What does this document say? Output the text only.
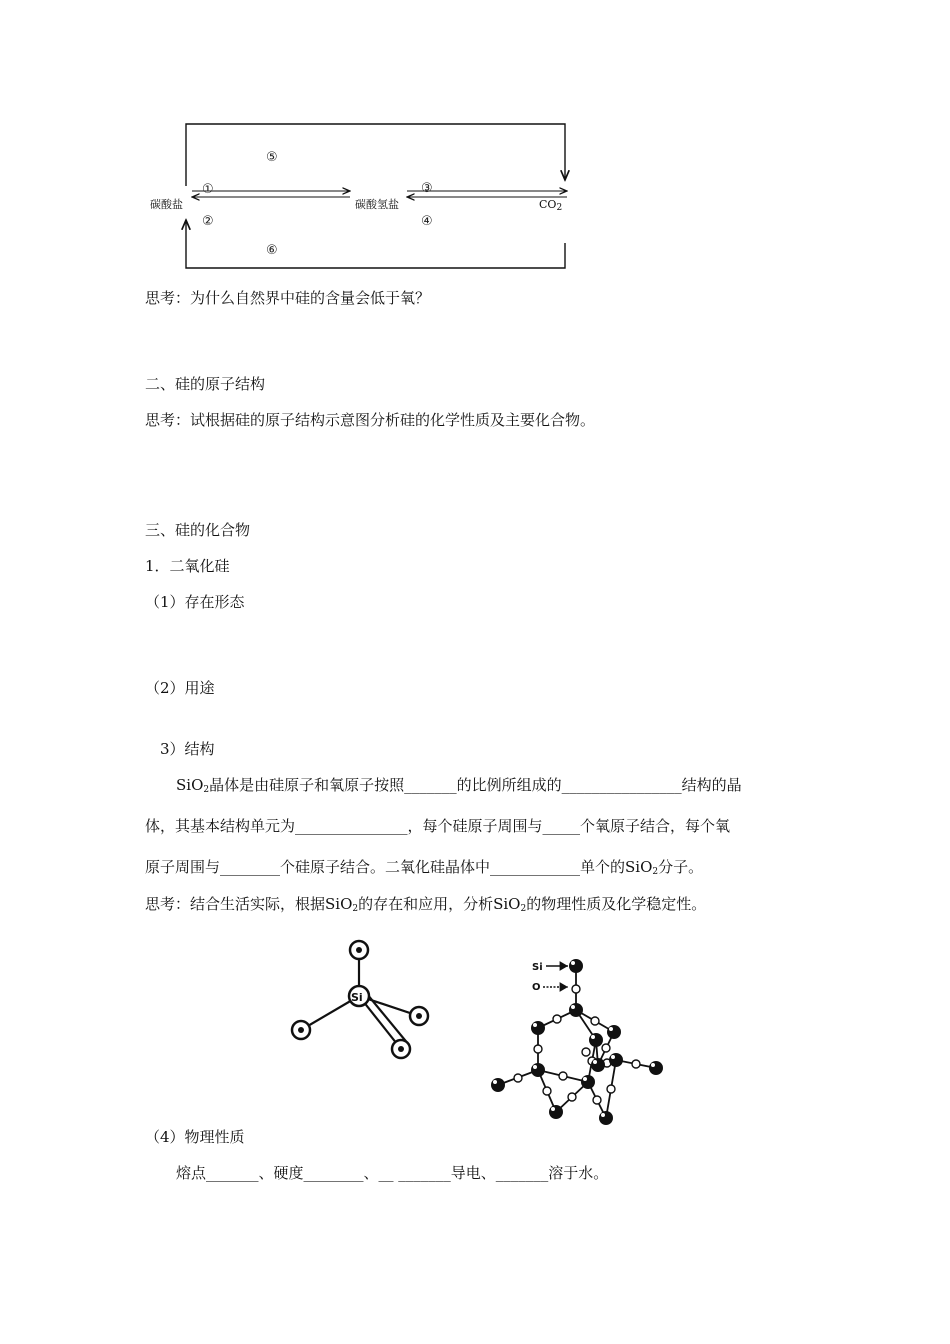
碳酸盐	碳酸氢盐	$CO_2$
①
②
③
④
⑤
⑥
思考：为什么自然界中硅的含量会低于氧？
二、硅的原子结构
思考：试根据硅的原子结构示意图分析硅的化学性质及主要化合物。
三、硅的化合物
1．二氧化硅
（1）存在形态
（2）用途
3）结构
SiO$_2$晶体是由硅原子和氧原子按照_______的比例所组成的________________结构的晶
体，其基本结构单元为_______________，每个硅原子周围与_____个氧原子结合，每个氧
原子周围与________个硅原子结合。二氧化硅晶体中____________单个的SiO$_2$分子。
思考：结合生活实际，根据SiO$_2$的存在和应用，分析SiO$_2$的物理性质及化学稳定性。
Si
Si
O
（4）物理性质
熔点_______、硬度________、__ _______导电、_______溶于水。
